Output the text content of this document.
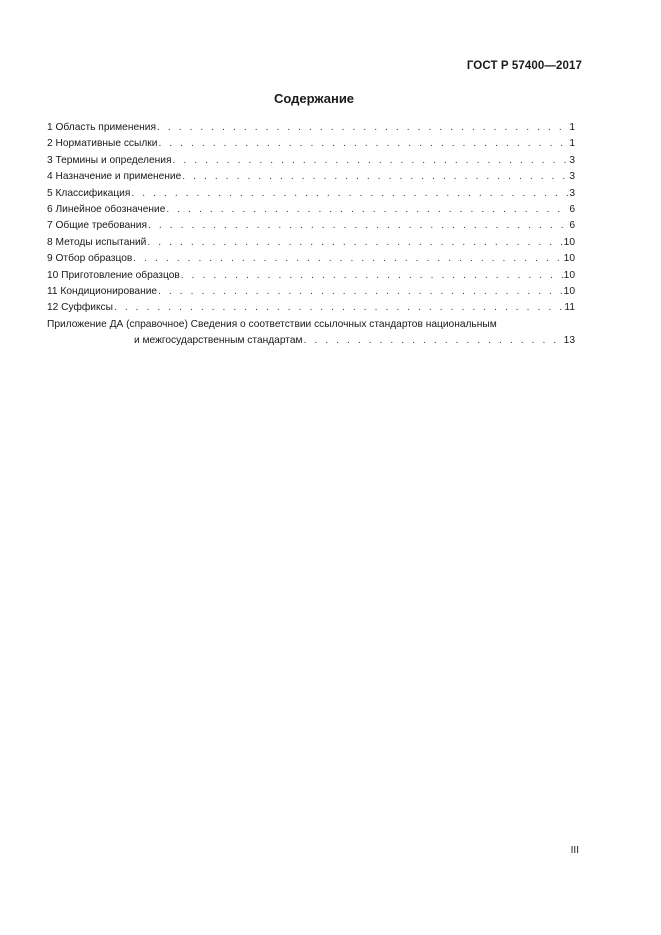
ГОСТ Р 57400—2017
Содержание
1 Область применения . . .	1
2 Нормативные ссылки . . .	1
3 Термины и определения . . .	3
4 Назначение и применение . . .	3
5 Классификация . . .	3
6 Линейное обозначение . . .	6
7 Общие требования . . .	6
8 Методы испытаний . . .	10
9 Отбор образцов . . .	10
10 Приготовление образцов . . .	10
11 Кондиционирование . . .	10
12 Суффиксы . . .	11
Приложение ДА (справочное) Сведения о соответствии ссылочных стандартов национальным
и межгосударственным стандартам . . .	13
III
